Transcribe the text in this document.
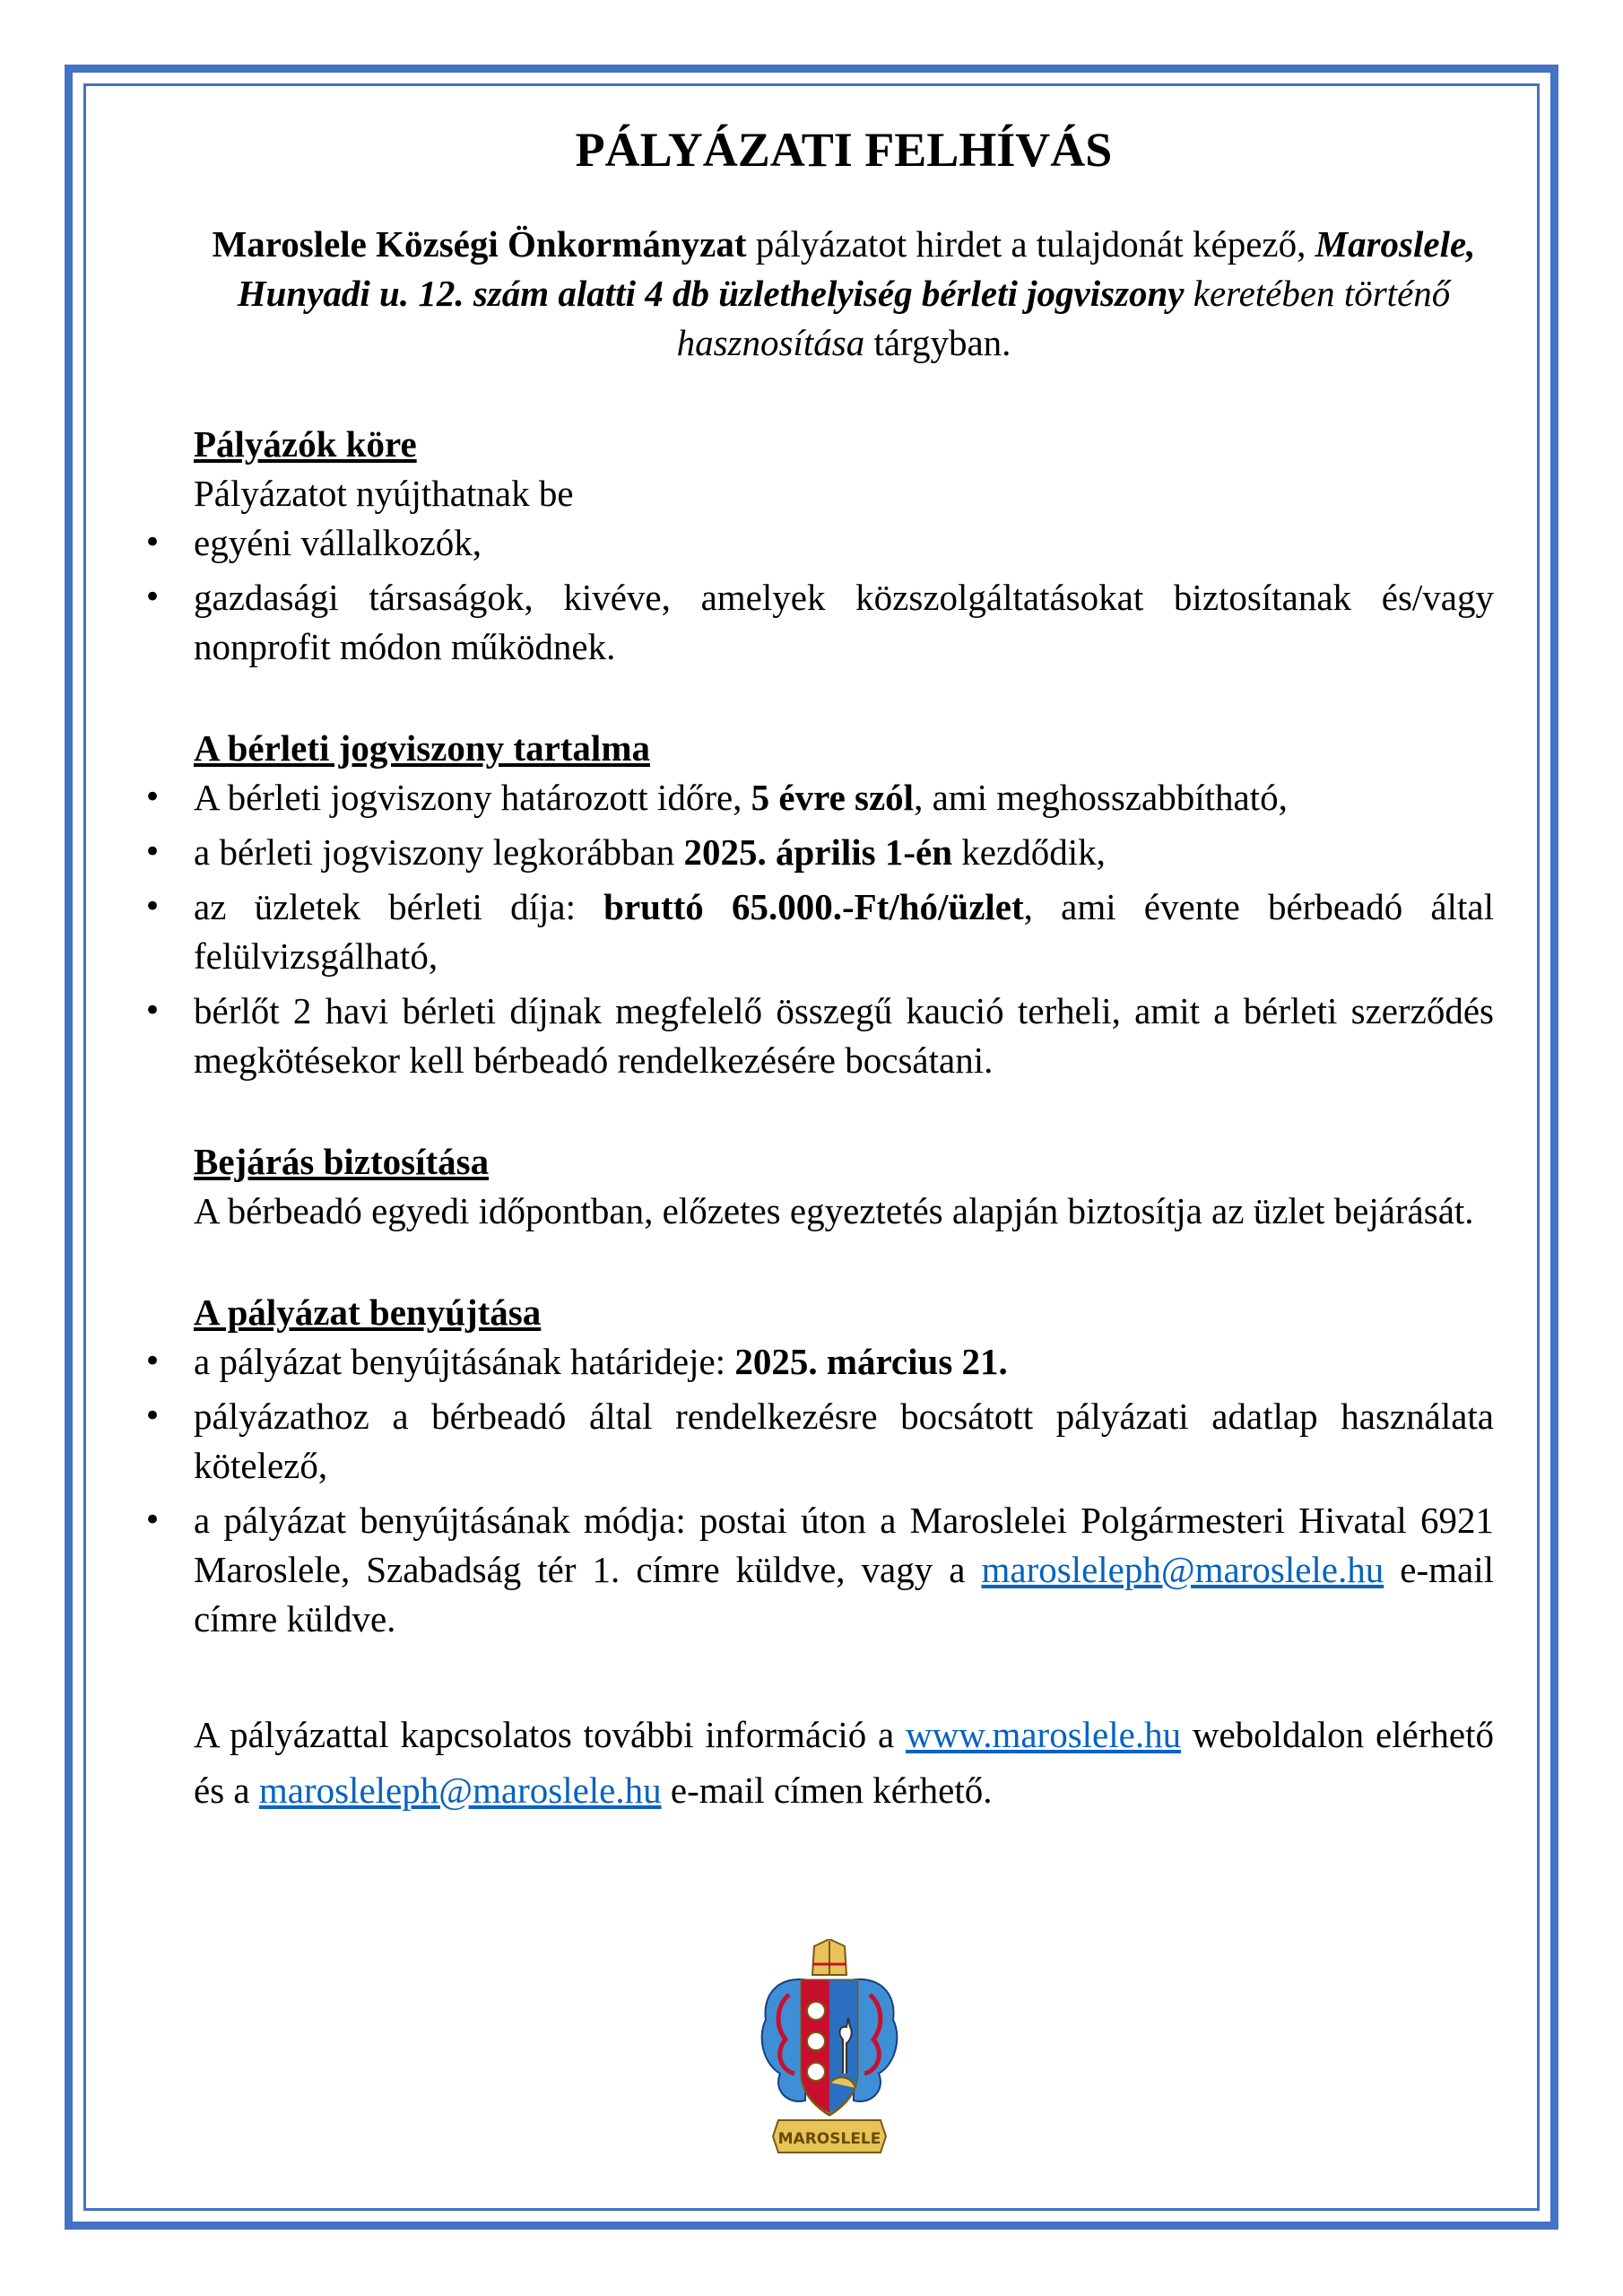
PÁLYÁZATI FELHÍVÁS
Maroslele Községi Önkormányzat pályázatot hirdet a tulajdonát képező, Maroslele, Hunyadi u. 12. szám alatti 4 db üzlethelyiség bérleti jogviszony keretében történő hasznosítása tárgyban.
Pályázók köre
Pályázatot nyújthatnak be
• egyéni vállalkozók,
• gazdasági társaságok, kivéve, amelyek közszolgáltatásokat biztosítanak és/vagy nonprofit módon működnek.
A bérleti jogviszony tartalma
• A bérleti jogviszony határozott időre, 5 évre szól, ami meghosszabbítható,
• a bérleti jogviszony legkorábban 2025. április 1-én kezdődik,
• az üzletek bérleti díja: bruttó 65.000.-Ft/hó/üzlet, ami évente bérbeadó által felülvizsgálható,
• bérlőt 2 havi bérleti díjnak megfelelő összegű kaució terheli, amit a bérleti szerződés megkötésekor kell bérbeadó rendelkezésére bocsátani.
Bejárás biztosítása
A bérbeadó egyedi időpontban, előzetes egyeztetés alapján biztosítja az üzlet bejárását.
A pályázat benyújtása
• a pályázat benyújtásának határideje: 2025. március 21.
• pályázathoz a bérbeadó által rendelkezésre bocsátott pályázati adatlap használata kötelező,
• a pályázat benyújtásának módja: postai úton a Maroslelei Polgármesteri Hivatal 6921 Maroslele, Szabadság tér 1. címre küldve, vagy a marosleleph@maroslele.hu e-mail címre küldve.
A pályázattal kapcsolatos további információ a www.maroslele.hu weboldalon elérhető és a marosleleph@maroslele.hu e-mail címen kérhető.
MAROSLELE
